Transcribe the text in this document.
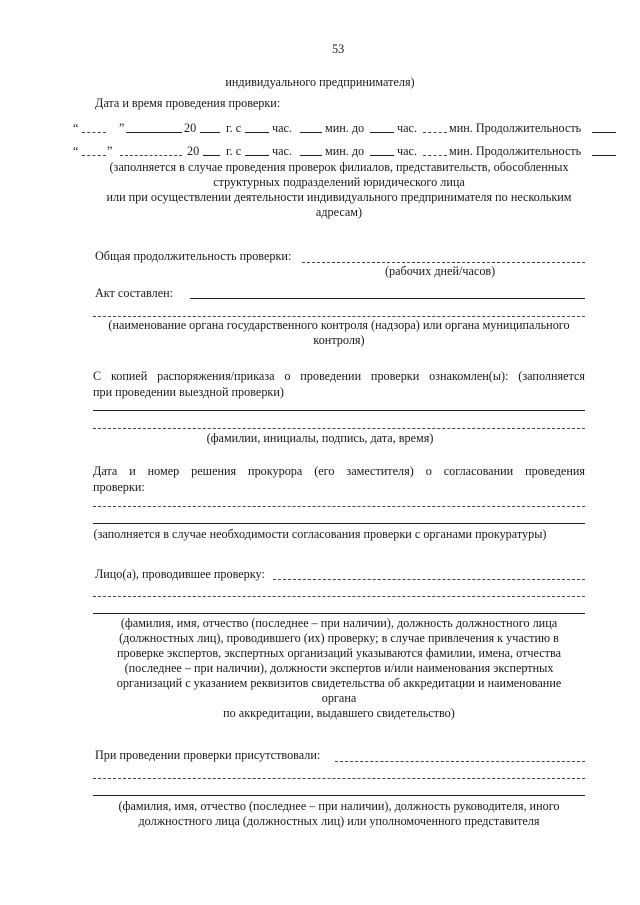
53
индивидуального предпринимателя)
Дата и время проведения проверки:
“	”	20 г. с	час.	мин. до	час.	мин. Продолжительность
“ ”	20 г. с	час.	мин. до	час.	мин. Продолжительность
(заполняется в случае проведения проверок филиалов, представительств, обособленных
структурных подразделений юридического лица
или при осуществлении деятельности индивидуального предпринимателя по нескольким
адресам)
Общая продолжительность проверки:
(рабочих дней/часов)
Акт составлен:
(наименование органа государственного контроля (надзора) или органа муниципального
контроля)
С копией распоряжения/приказа о проведении проверки ознакомлен(ы): (заполняется
при проведении выездной проверки)
(фамилии, инициалы, подпись, дата, время)
Дата и номер решения прокурора (его заместителя) о согласовании проведения
проверки:
(заполняется в случае необходимости согласования проверки с органами прокуратуры)
Лицо(а), проводившее проверку:
(фамилия, имя, отчество (последнее – при наличии), должность должностного лица
(должностных лиц), проводившего (их) проверку; в случае привлечения к участию в
проверке экспертов, экспертных организаций указываются фамилии, имена, отчества
(последнее – при наличии), должности экспертов и/или наименования экспертных
организаций с указанием реквизитов свидетельства об аккредитации и наименование
органа
по аккредитации, выдавшего свидетельство)
При проведении проверки присутствовали:
(фамилия, имя, отчество (последнее – при наличии), должность руководителя, иного
должностного лица (должностных лиц) или уполномоченного представителя
